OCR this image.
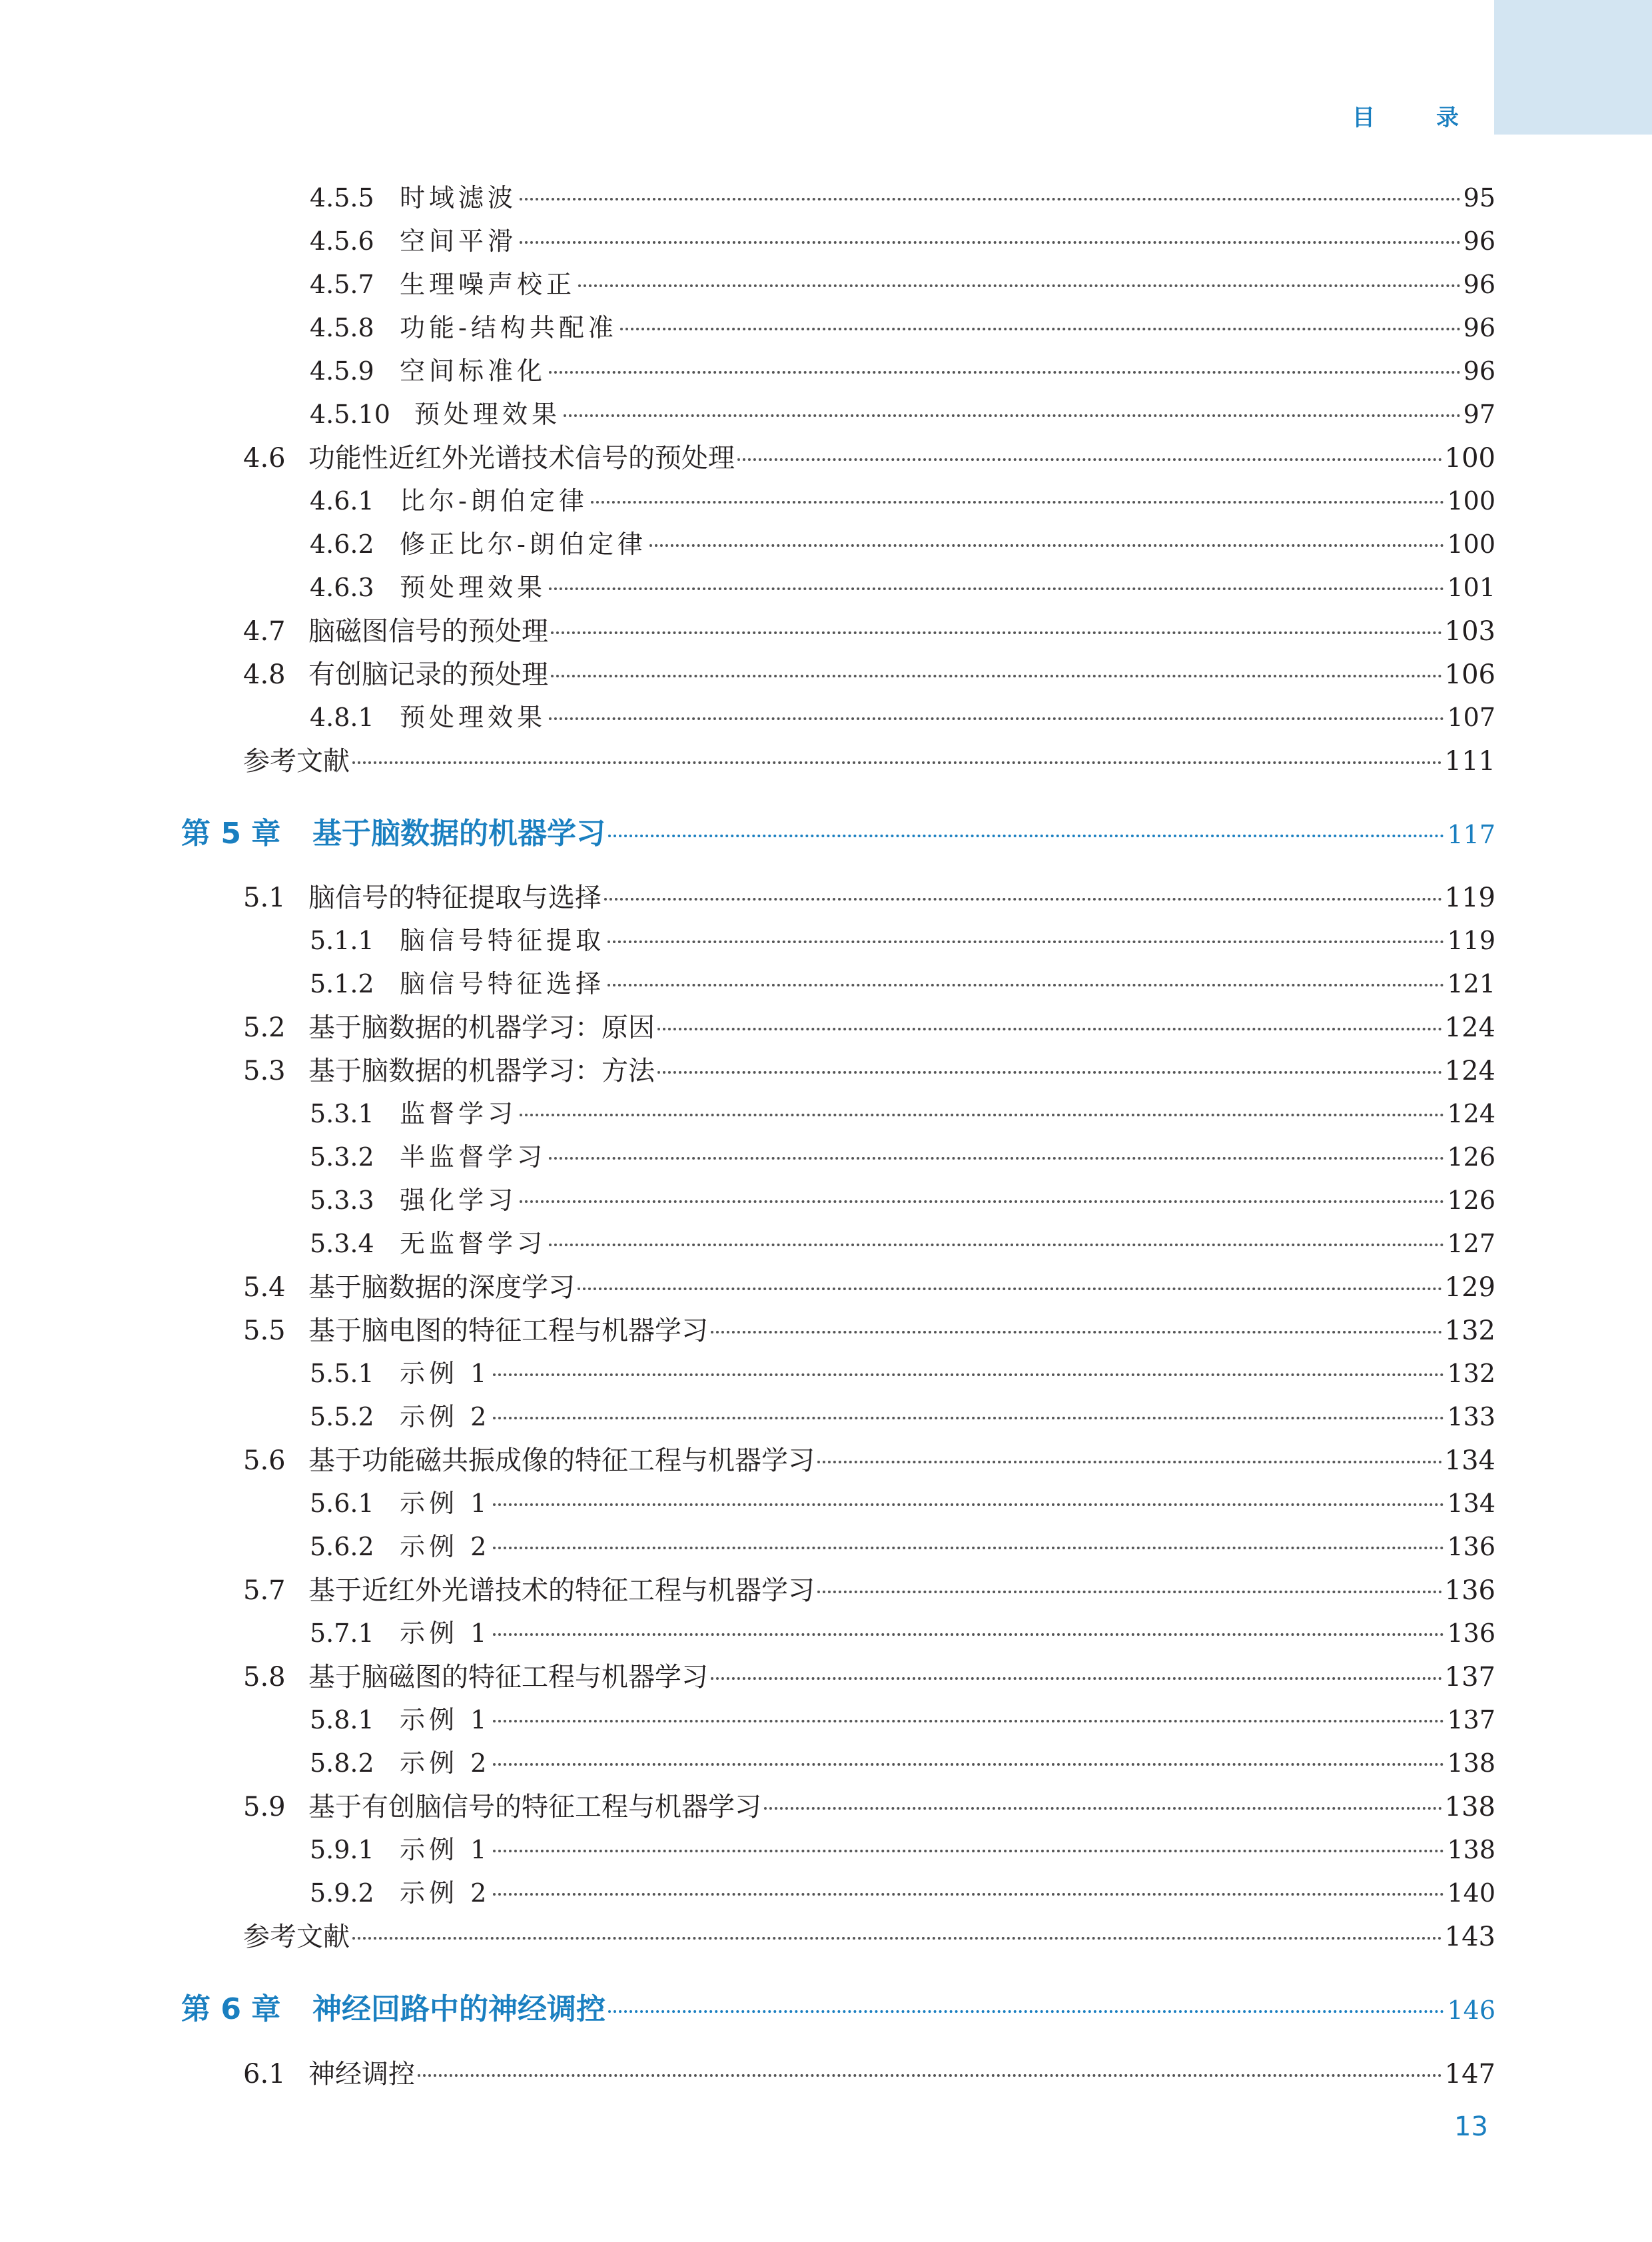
目	录
4.5.5	时域滤波	95
4.5.6	空间平滑	96
4.5.7	生理噪声校正	96
4.5.8	功能-结构共配准	96
4.5.9	空间标准化	96
4.5.10 预处理效果	97
4.6 功能性近红外光谱技术信号的预处理	100
4.6.1	比尔-朗伯定律	100
4.6.2	修正比尔-朗伯定律	100
4.6.3	预处理效果	101
4.7 脑磁图信号的预处理	103
4.8 有创脑记录的预处理	106
4.8.1	预处理效果	107
参考文献	111
第 5 章	基于脑数据的机器学习	117
5.1 脑信号的特征提取与选择	119
5.1.1	脑信号特征提取	119
5.1.2	脑信号特征选择	121
5.2 基于脑数据的机器学习：原因	124
5.3 基于脑数据的机器学习：方法	124
5.3.1	监督学习	124
5.3.2	半监督学习	126
5.3.3	强化学习	126
5.3.4	无监督学习	127
5.4 基于脑数据的深度学习	129
5.5 基于脑电图的特征工程与机器学习	132
5.5.1	示例 1	132
5.5.2	示例 2	133
5.6 基于功能磁共振成像的特征工程与机器学习	134
5.6.1	示例 1	134
5.6.2	示例 2	136
5.7 基于近红外光谱技术的特征工程与机器学习	136
5.7.1	示例 1	136
5.8 基于脑磁图的特征工程与机器学习	137
5.8.1	示例 1	137
5.8.2	示例 2	138
5.9 基于有创脑信号的特征工程与机器学习	138
5.9.1	示例 1	138
5.9.2	示例 2	140
参考文献	143
第 6 章	神经回路中的神经调控	146
6.1 神经调控	147
13
